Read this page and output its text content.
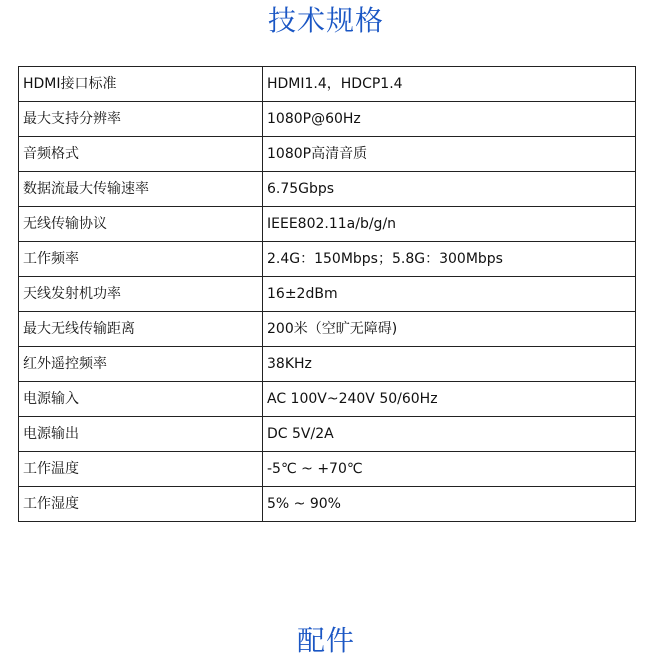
技术规格
HDMI接口标准	HDMI1.4，HDCP1.4
最大支持分辨率	1080P@60Hz
音频格式	1080P高清音质
数据流最大传输速率	6.75Gbps
无线传输协议	IEEE802.11a/b/g/n
工作频率	2.4G：150Mbps；5.8G：300Mbps
天线发射机功率	16±2dBm
最大无线传输距离	200米（空旷无障碍)
红外遥控频率	38KHz
电源输入	AC 100V~240V 50/60Hz
电源输出	DC 5V/2A
工作温度	-5℃ ~ +70℃
工作湿度	5% ~ 90%
配件
